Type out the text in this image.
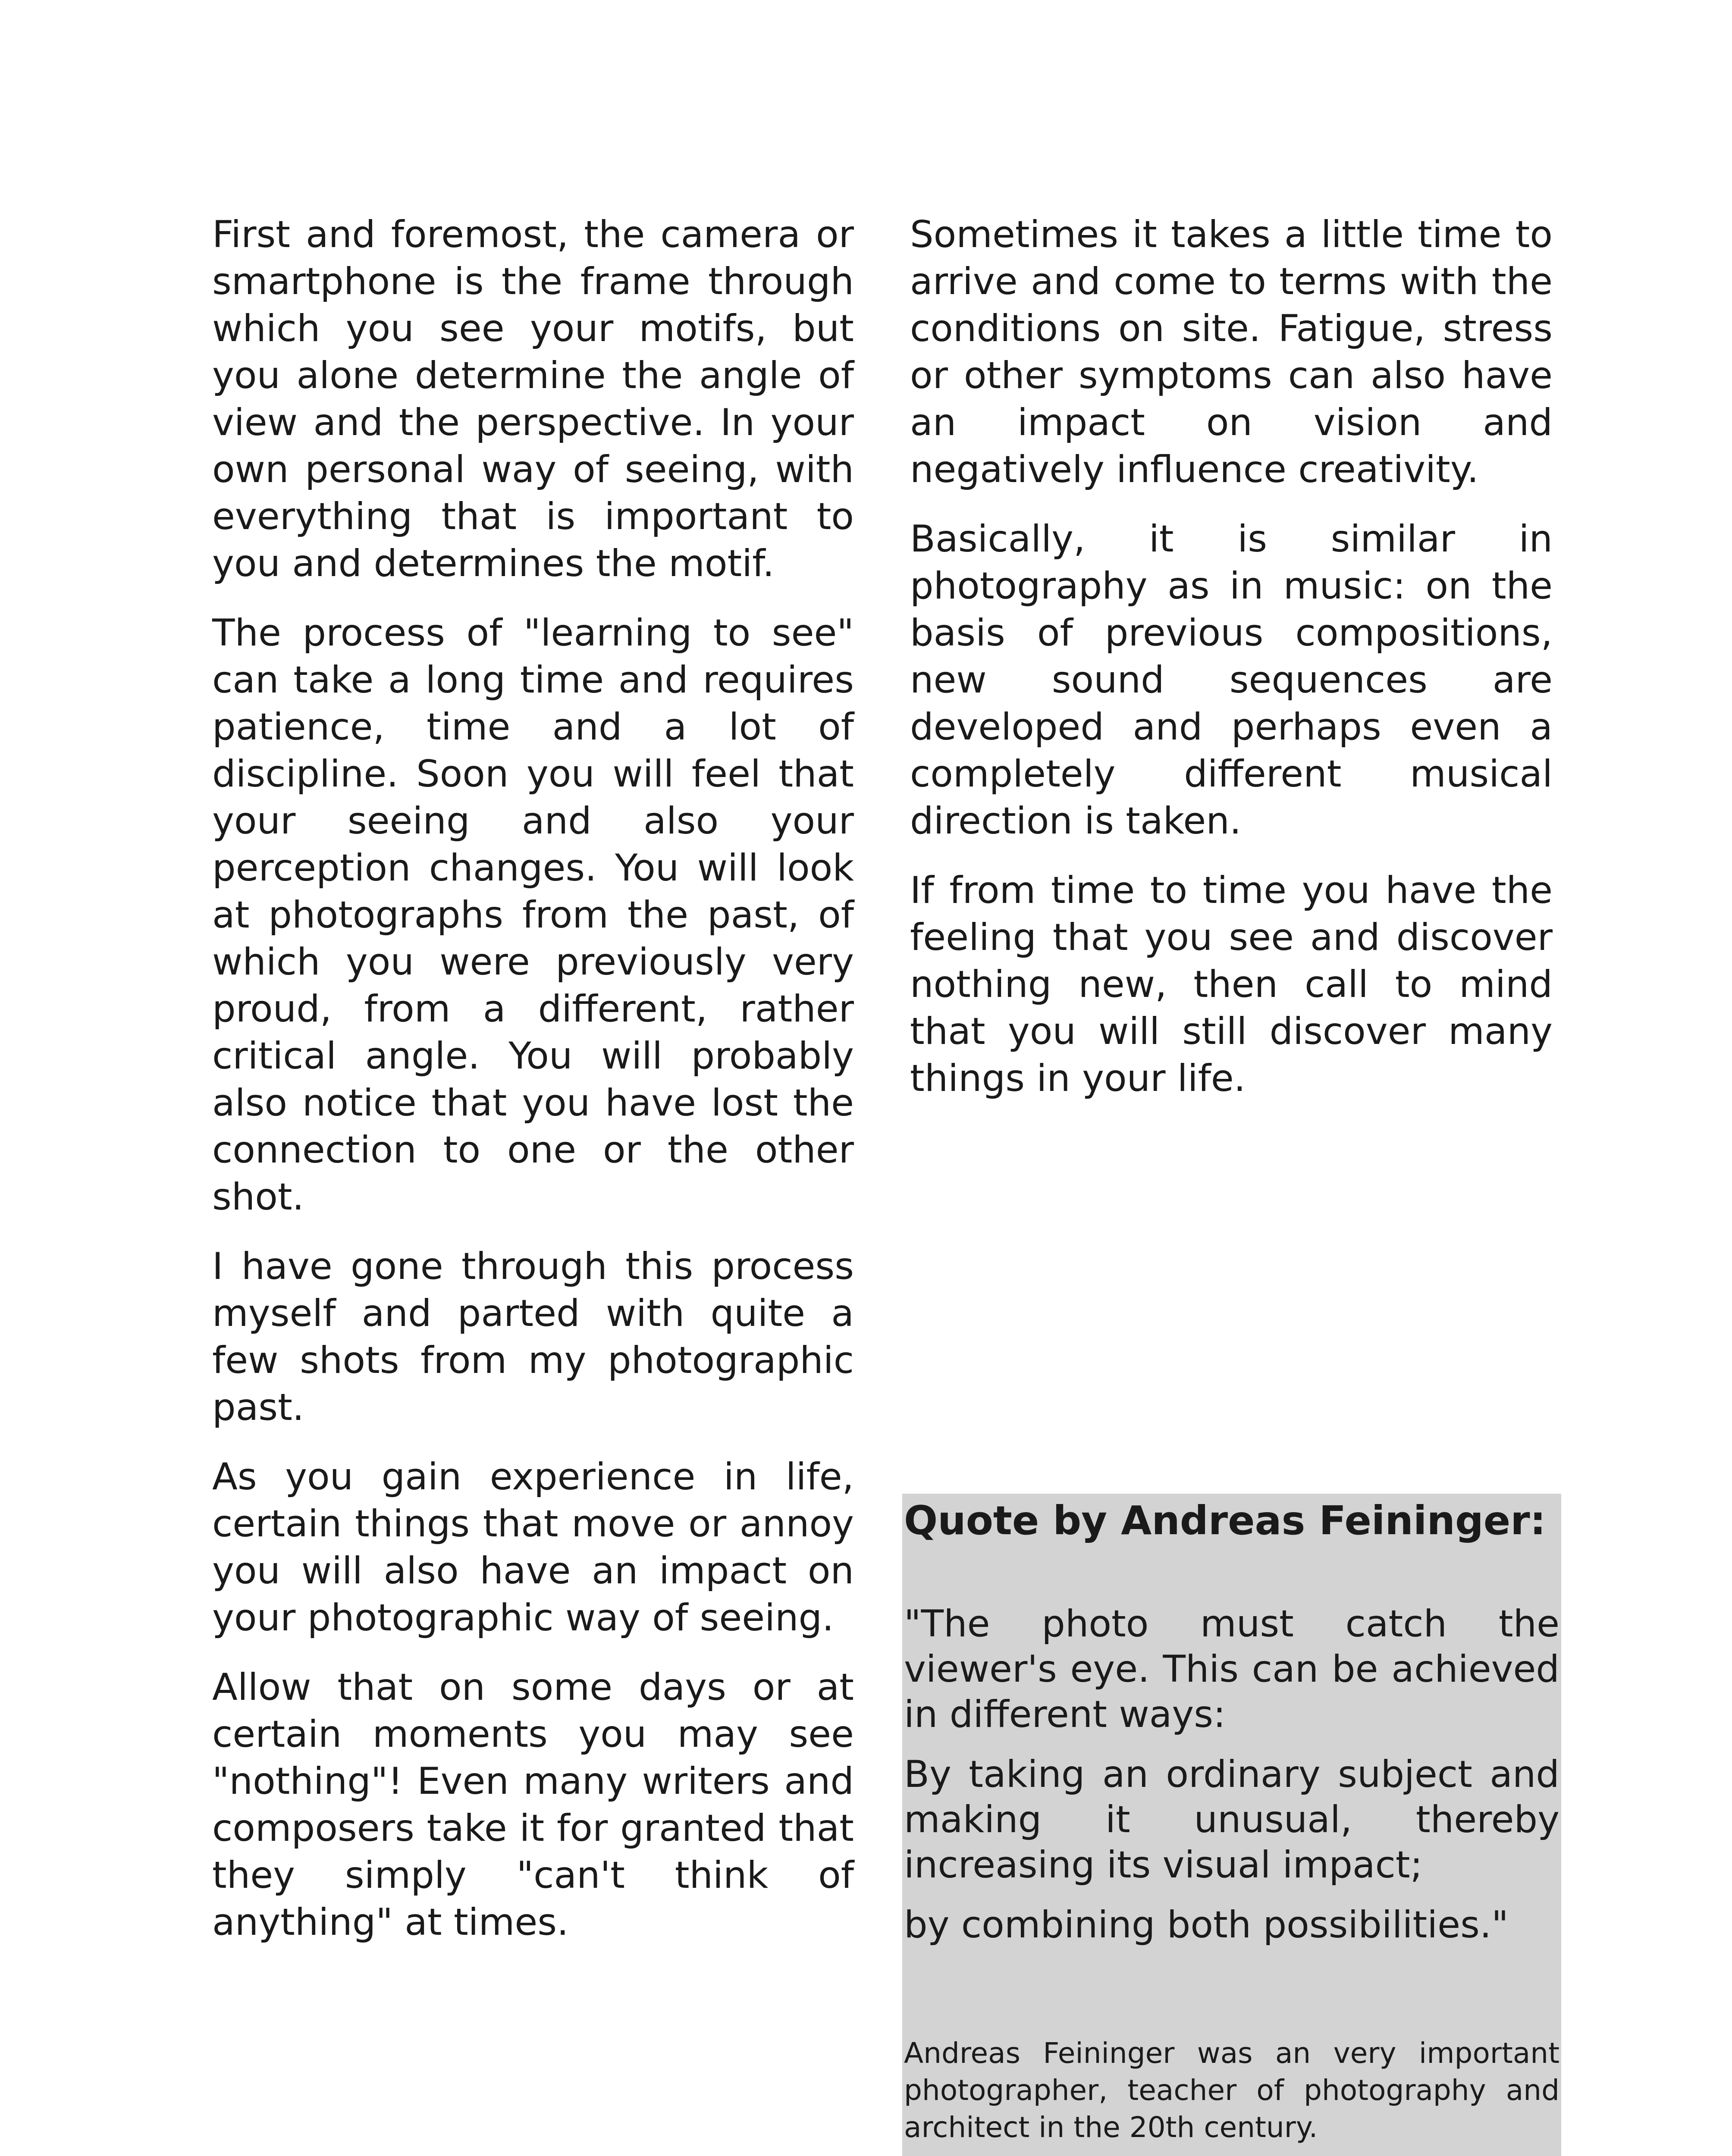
First and foremost, the camera or smartphone is the frame through which you see your motifs, but you alone determine the angle of view and the perspective. In your own personal way of seeing, with everything that is important to you and determines the motif.

The process of "learning to see" can take a long time and requires patience, time and a lot of discipline. Soon you will feel that your seeing and also your perception changes. You will look at photographs from the past, of which you were previously very proud, from a different, rather critical angle. You will probably also notice that you have lost the connection to one or the other shot.

I have gone through this process myself and parted with quite a few shots from my photographic past.

As you gain experience in life, certain things that move or annoy you will also have an impact on your photographic way of seeing.

Allow that on some days or at certain moments you may see "nothing"! Even many writers and composers take it for granted that they simply "can't think of anything" at times.

Sometimes it takes a little time to arrive and come to terms with the conditions on site. Fatigue, stress or other symptoms can also have an impact on vision and negatively influence creativity.

Basically, it is similar in photography as in music: on the basis of previous compositions, new sound sequences are developed and perhaps even a completely different musical direction is taken.

If from time to time you have the feeling that you see and discover nothing new, then call to mind that you will still discover many things in your life.

Quote by Andreas Feininger:

"The photo must catch the viewer's eye. This can be achieved in different ways:

By taking an ordinary subject and making it unusual, thereby increasing its visual impact;

by combining both possibilities."

Andreas Feininger was an very important photographer, teacher of photography and architect in the 20th century.
